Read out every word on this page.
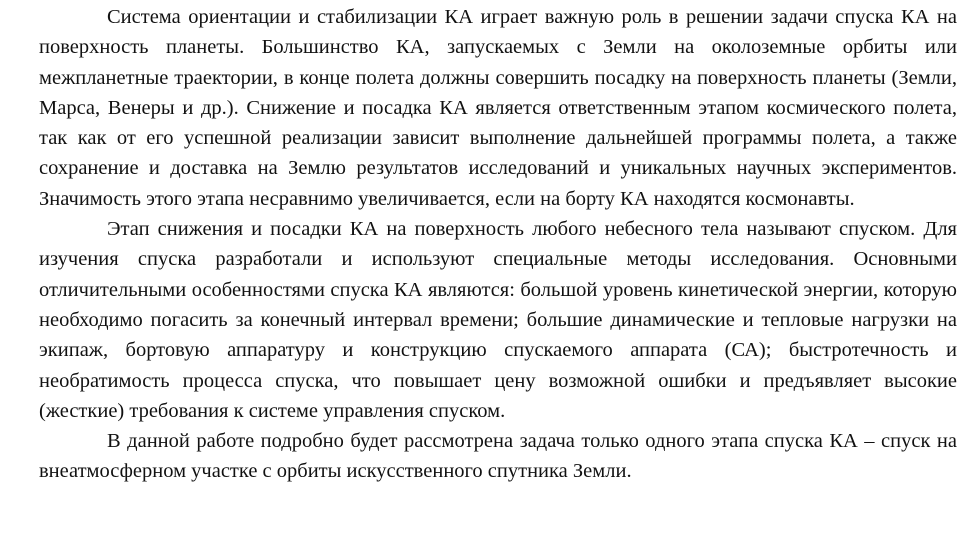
Система ориентации и стабилизации КА играет важную роль в решении задачи спуска КА на поверхность планеты. Большинство КА, запускаемых с Земли на околоземные орбиты или межпланетные траектории, в конце полета должны совершить посадку на поверхность планеты (Земли, Марса, Венеры и др.). Снижение и посадка КА является ответственным этапом космического полета, так как от его успешной реализации зависит выполнение дальнейшей программы полета, а также сохранение и доставка на Землю результатов исследований и уникальных научных экспериментов. Значимость этого этапа несравнимо увеличивается, если на борту КА находятся космонавты.

Этап снижения и посадки КА на поверхность любого небесного тела называют спуском. Для изучения спуска разработали и используют специальные методы исследования. Основными отличительными особенностями спуска КА являются: большой уровень кинетической энергии, которую необходимо погасить за конечный интервал времени; большие динамические и тепловые нагрузки на экипаж, бортовую аппаратуру и конструкцию спускаемого аппарата (СА); быстротечность и необратимость процесса спуска, что повышает цену возможной ошибки и предъявляет высокие (жесткие) требования к системе управления спуском.

В данной работе подробно будет рассмотрена задача только одного этапа спуска КА – спуск на внеатмосферном участке с орбиты искусственного спутника Земли.
